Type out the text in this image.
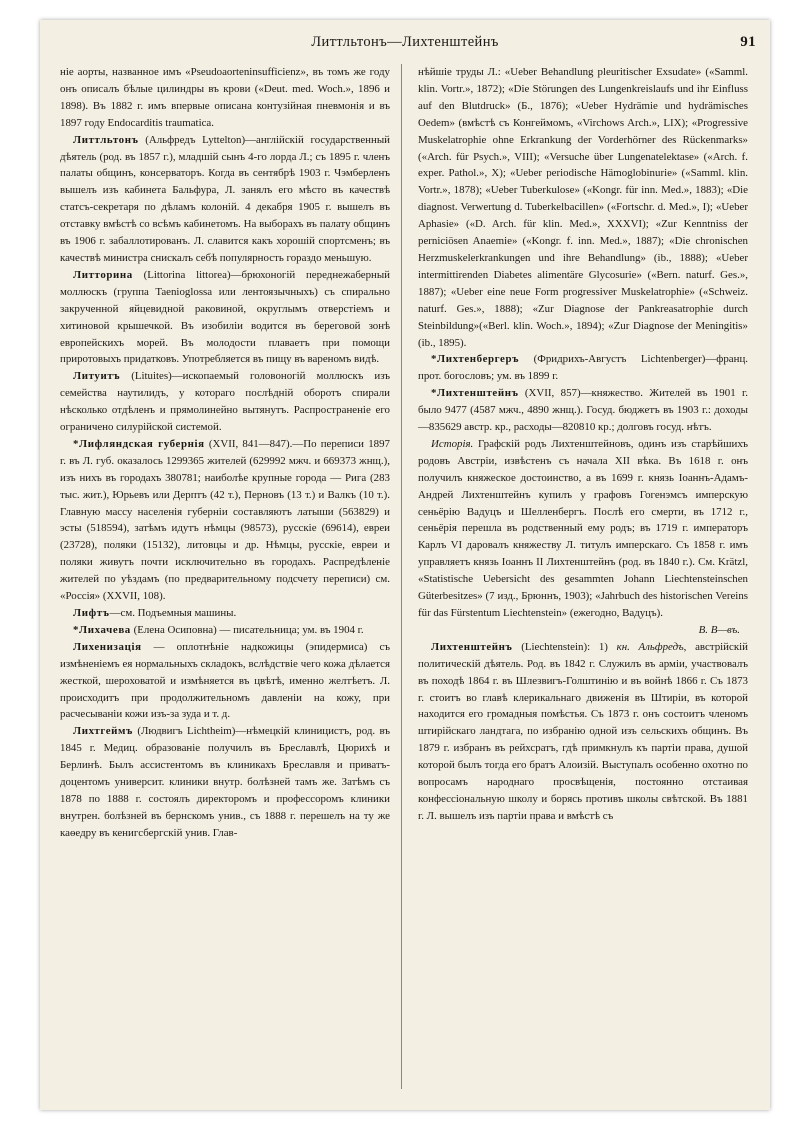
Литтльтонъ—Лихтенштейнъ	91

ніе аорты, названное имъ «Pseudoaorteninsufficienz», въ томъ же году онъ описалъ бѣлые цилиндры въ крови («Deut. med. Woch.», 1896 и 1898). Въ 1882 г. имъ впервые описана контузійная пневмонія и въ 1897 году Endocarditis traumatica.

Литтльтонъ (Альфредъ Lyttelton)—англійскій государственный дѣятель (род. въ 1857 г.), младшій сынъ 4-го лорда Л.; съ 1895 г. членъ палаты общинъ, консерваторъ. Когда въ сентябрѣ 1903 г. Чэмберленъ вышелъ изъ кабинета Бальфура, Л. занялъ его мѣсто въ качествѣ статсъ-секретаря по дѣламъ колоній. 4 декабря 1905 г. вышелъ въ отставку вмѣстѣ со всѣмъ кабинетомъ. На выборахъ въ палату общинъ въ 1906 г. забаллотированъ. Л. славится какъ хорошій спортсменъ; въ качествѣ министра снискалъ себѣ популярность гораздо меньшую.

Литторина (Littorina littorea)—брюхоногій переднежаберный моллюскъ (группа Taenioglossa или лентоязычныхъ) съ спирально закрученной яйцевидной раковиной, округлымъ отверстіемъ и хитиновой крышечкой. Въ изобиліи водится въ береговой зонѣ европейскихъ морей. Въ молодости плаваетъ при помощи приротовыхъ придатковъ. Употребляется въ пищу въ вареномъ видѣ.

Литуитъ (Lituites)—ископаемый головоногій моллюскъ изъ семейства наутилидъ, у котораго послѣдній оборотъ спирали нѣсколько отдѣленъ и прямолинейно вытянутъ. Распространеніе его ограничено силурійской системой.

*Лифляндская губернія (XVII, 841—847).—По переписи 1897 г. въ Л. губ. оказалось 1299365 жителей (629992 мжч. и 669373 жнщ.), изъ нихъ въ городахъ 380781; наиболѣе крупные города — Рига (283 тыс. жит.), Юрьевъ или Дерптъ (42 т.), Перновъ (13 т.) и Валкъ (10 т.). Главную массу населенія губерніи составляютъ латыши (563829) и эсты (518594), затѣмъ идутъ нѣмцы (98573), русскіе (69614), евреи (23728), поляки (15132), литовцы и др. Нѣмцы, русскіе, евреи и поляки живутъ почти исключительно въ городахъ. Распредѣленіе жителей по уѣздамъ (по предварительному подсчету переписи) см. «Россія» (XXVII, 108).

Лифтъ—см. Подъемныя машины.

*Лихачева (Елена Осиповна) — писательница; ум. въ 1904 г.

Лихенизація — оплотнѣніе надкожицы (эпидермиса) съ измѣненіемъ ея нормальныхъ складокъ, вслѣдствіе чего кожа дѣлается жесткой, шероховатой и измѣняется въ цвѣтѣ, именно желтѣетъ. Л. происходитъ при продолжительномъ давленіи на кожу, при расчесываніи кожи изъ-за зуда и т. д.

Лихтгеймъ (Людвигъ Lichtheim)—нѣмецкій клиницистъ, род. въ 1845 г. Медиц. образованіе получилъ въ Бреславлѣ, Цюрихѣ и Берлинѣ. Былъ ассистентомъ въ клиникахъ Бреславля и приватъ-доцентомъ университ. клиники внутр. болѣзней тамъ же. Затѣмъ съ 1878 по 1888 г. состоялъ директоромъ и профессоромъ клиники внутрен. болѣзней въ бернскомъ унив., съ 1888 г. перешелъ на ту же каѳедру въ кенигсбергскій унив. Глав-

нѣйшіе труды Л.: «Ueber Behandlung pleuritischer Exsudate» («Samml. klin. Vortr.», 1872); «Die Störungen des Lungenkreislaufs und ihr Einfluss auf den Blutdruck» (Б., 1876); «Ueber Hydrämie und hydrämisches Oedem» (вмѣстѣ съ Конгеймомъ, «Virchows Arch.», LIX); «Progressive Muskelatrophie ohne Erkrankung der Vorderhörner des Rückenmarks» («Arch. für Psych.», VIII); «Versuche über Lungenatelektase» («Arch. f. exper. Pathol.», X); «Ueber periodische Hämoglobinurie» («Samml. klin. Vortr.», 1878); «Ueber Tuberkulose» («Kongr. für inn. Med.», 1883); «Die diagnost. Verwertung d. Tuberkelbacillen» («Fortschr. d. Med.», I); «Ueber Aphasie» («D. Arch. für klin. Med.», XXXVI); «Zur Kenntniss der perniciösen Anaemie» («Kongr. f. inn. Med.», 1887); «Die chronischen Herzmuskelerkrankungen und ihre Behandlung» (ib., 1888); «Ueber intermittirenden Diabetes alimentäre Glycosurie» («Bern. naturf. Ges.», 1887); «Ueber eine neue Form progressiver Muskelatrophie» («Schweiz. naturf. Ges.», 1888); «Zur Diagnose der Pankreasatrophie durch Steinbildung»(«Berl. klin. Woch.», 1894); «Zur Diagnose der Meningitis» (ib., 1895).

*Лихтенбергеръ (Фридрихъ-Августъ Lichtenberger)—франц. прот. богословъ; ум. въ 1899 г.

*Лихтенштейнъ (XVII, 857)—княжество. Жителей въ 1901 г. было 9477 (4587 мжч., 4890 жнщ.). Госуд. бюджетъ въ 1903 г.: доходы—835629 австр. кр., расходы—820810 кр.; долговъ госуд. нѣтъ.

Исторія. Графскій родъ Лихтенштейновъ, одинъ изъ старѣйшихъ родовъ Австріи, извѣстенъ съ начала XII вѣка. Въ 1618 г. онъ получилъ княжеское достоинство, а въ 1699 г. князь Іоаннъ-Адамъ-Андрей Лихтенштейнъ купилъ у графовъ Гогенэмсъ имперскую сеньёрію Вадуцъ и Шелленбергъ. Послѣ его смерти, въ 1712 г., сеньёрія перешла въ родственный ему родъ; въ 1719 г. императоръ Карлъ VI даровалъ княжеству Л. титулъ имперскаго. Съ 1858 г. имъ управляетъ князь Іоаннъ II Лихтенштейнъ (род. въ 1840 г.). См. Krätzl, «Statistische Uebersicht des gesammten Johann Liechtensteinschen Güterbesitzes» (7 изд., Брюннъ, 1903); «Jahrbuch des historischen Vereins für das Fürstentum Liechtenstein» (ежегодно, Вадуцъ).

В. В—въ.

Лихтенштейнъ (Liechtenstein): 1) кн. Альфредъ, австрійскій политическій дѣятель. Род. въ 1842 г. Служилъ въ арміи, участвовалъ въ походѣ 1864 г. въ Шлезвигъ-Голштинію и въ войнѣ 1866 г. Съ 1873 г. стоитъ во главѣ клерикальнаго движенія въ Штиріи, въ которой находится его громадныя помѣстья. Съ 1873 г. онъ состоитъ членомъ штирійскаго ландтага, по избранію одной изъ сельскихъ общинъ. Въ 1879 г. избранъ въ рейхсратъ, гдѣ примкнулъ къ партіи права, душой которой былъ тогда его братъ Алоизій. Выступалъ особенно охотно по вопросамъ народнаго просвѣщенія, постоянно отстаивая конфессіональную школу и борясь противъ школы свѣтской. Въ 1881 г. Л. вышелъ изъ партіи права и вмѣстѣ съ
